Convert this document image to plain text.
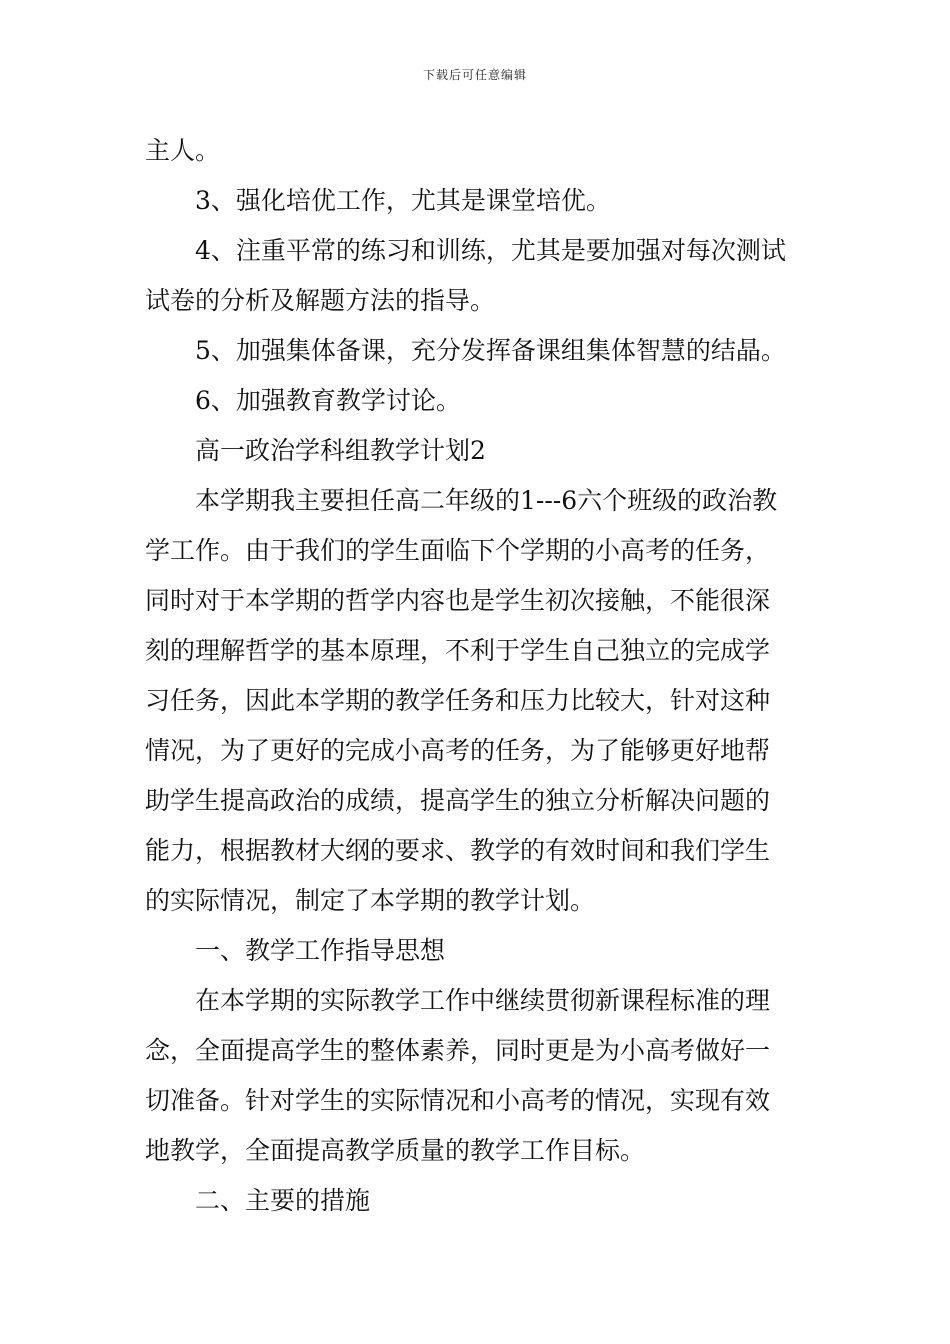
下载后可任意编辑

主人。

3、强化培优工作，尤其是课堂培优。

4、注重平常的练习和训练，尤其是要加强对每次测试

试卷的分析及解题方法的指导。

5、加强集体备课，充分发挥备课组集体智慧的结晶。

6、加强教育教学讨论。

高一政治学科组教学计划2

本学期我主要担任高二年级的1---6六个班级的政治教

学工作。由于我们的学生面临下个学期的小高考的任务，

同时对于本学期的哲学内容也是学生初次接触，不能很深

刻的理解哲学的基本原理，不利于学生自己独立的完成学

习任务，因此本学期的教学任务和压力比较大，针对这种

情况，为了更好的完成小高考的任务，为了能够更好地帮

助学生提高政治的成绩，提高学生的独立分析解决问题的

能力，根据教材大纲的要求、教学的有效时间和我们学生

的实际情况，制定了本学期的教学计划。

一、教学工作指导思想

在本学期的实际教学工作中继续贯彻新课程标准的理

念，全面提高学生的整体素养，同时更是为小高考做好一

切准备。针对学生的实际情况和小高考的情况，实现有效

地教学，全面提高教学质量的教学工作目标。

二、主要的措施
